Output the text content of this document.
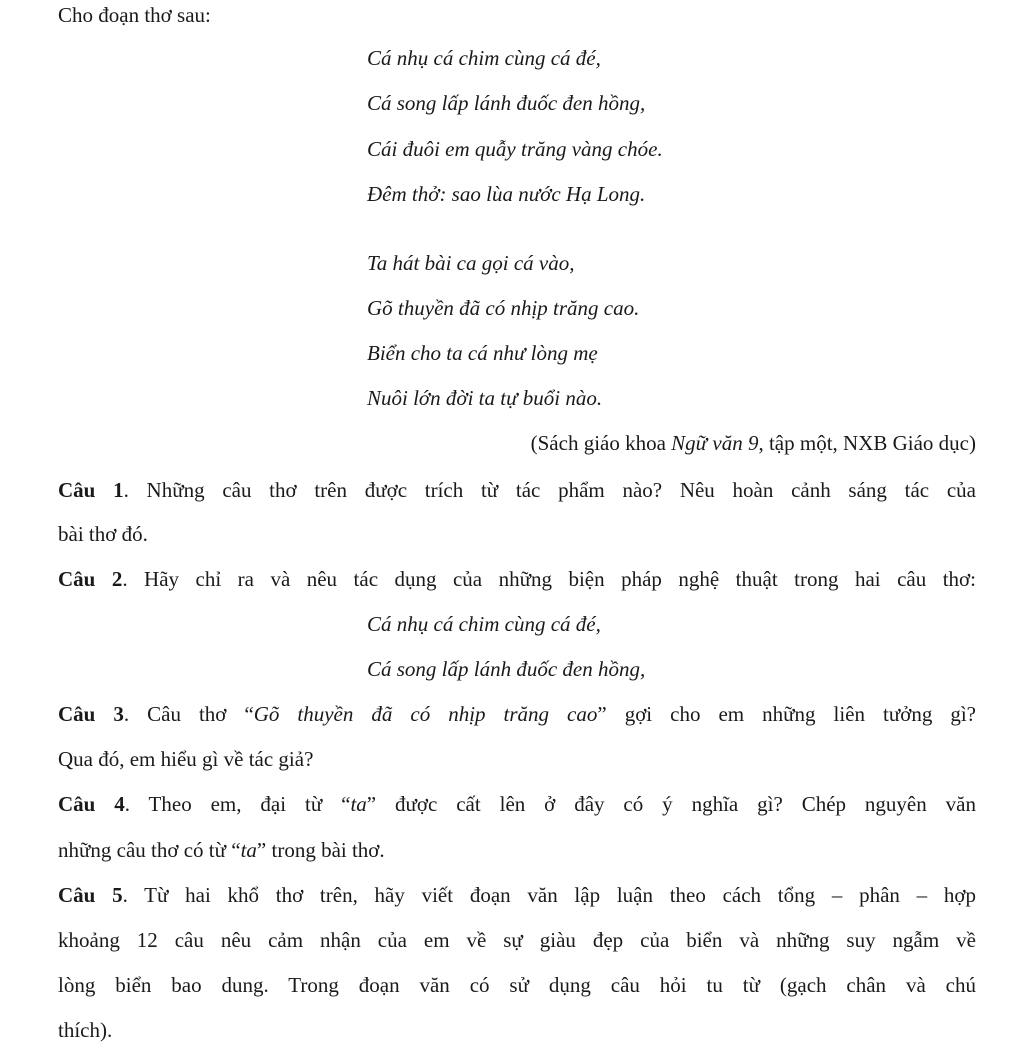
Cho đoạn thơ sau:
Cá nhụ cá chim cùng cá đé,
Cá song lấp lánh đuốc đen hồng,
Cái đuôi em quẫy trăng vàng chóe.
Đêm thở: sao lùa nước Hạ Long.
Ta hát bài ca gọi cá vào,
Gõ thuyền đã có nhịp trăng cao.
Biển cho ta cá như lòng mẹ
Nuôi lớn đời ta tự buổi nào.
(Sách giáo khoa Ngữ văn 9, tập một, NXB Giáo dục)
Câu 1. Những câu thơ trên được trích từ tác phẩm nào? Nêu hoàn cảnh sáng tác của
bài thơ đó.
Câu 2. Hãy chỉ ra và nêu tác dụng của những biện pháp nghệ thuật trong hai câu thơ:
Cá nhụ cá chim cùng cá đé,
Cá song lấp lánh đuốc đen hồng,
Câu 3. Câu thơ “Gõ thuyền đã có nhịp trăng cao” gợi cho em những liên tưởng gì?
Qua đó, em hiểu gì về tác giả?
Câu 4. Theo em, đại từ “ta” được cất lên ở đây có ý nghĩa gì? Chép nguyên văn
những câu thơ có từ “ta” trong bài thơ.
Câu 5. Từ hai khổ thơ trên, hãy viết đoạn văn lập luận theo cách tổng – phân – hợp
khoảng 12 câu nêu cảm nhận của em về sự giàu đẹp của biển và những suy ngẫm về
lòng biển bao dung. Trong đoạn văn có sử dụng câu hỏi tu từ (gạch chân và chú
thích).
